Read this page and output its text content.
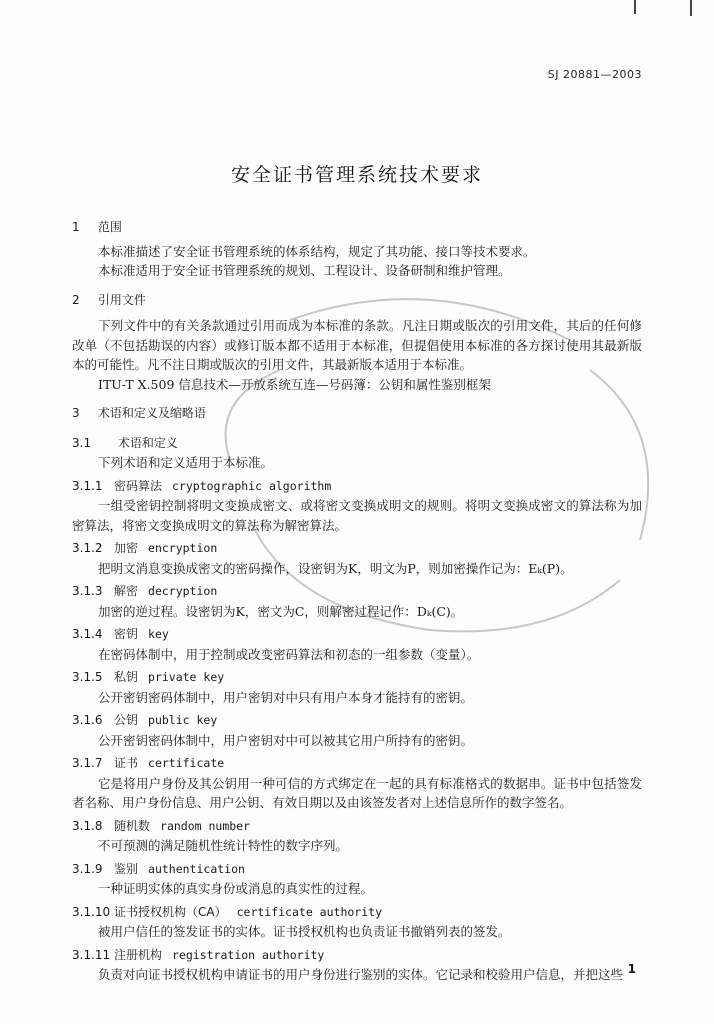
SJ 20881—2003
安全证书管理系统技术要求
1 范围
本标准描述了安全证书管理系统的体系结构，规定了其功能、接口等技术要求。
本标准适用于安全证书管理系统的规划、工程设计、设备研制和维护管理。
2 引用文件
下列文件中的有关条款通过引用而成为本标准的条款。凡注日期或版次的引用文件，其后的任何修改单（不包括勘误的内容）或修订版本都不适用于本标准，但提倡使用本标准的各方探讨使用其最新版本的可能性。凡不注日期或版次的引用文件，其最新版本适用于本标准。
ITU-T X.509 信息技术—开放系统互连—号码簿：公钥和属性鉴别框架
3 术语和定义及缩略语
3.1 术语和定义
下列术语和定义适用于本标准。
3.1.1 密码算法 cryptographic algorithm
一组受密钥控制将明文变换成密文、或将密文变换成明文的规则。将明文变换成密文的算法称为加密算法，将密文变换成明文的算法称为解密算法。
3.1.2 加密 encryption
把明文消息变换成密文的密码操作，设密钥为K，明文为P，则加密操作记为：Eₖ(P)。
3.1.3 解密 decryption
加密的逆过程。设密钥为K，密文为C，则解密过程记作：Dₖ(C)。
3.1.4 密钥 key
在密码体制中，用于控制或改变密码算法和初态的一组参数（变量）。
3.1.5 私钥 private key
公开密钥密码体制中，用户密钥对中只有用户本身才能持有的密钥。
3.1.6 公钥 public key
公开密钥密码体制中，用户密钥对中可以被其它用户所持有的密钥。
3.1.7 证书 certificate
它是将用户身份及其公钥用一种可信的方式绑定在一起的具有标准格式的数据串。证书中包括签发者名称、用户身份信息、用户公钥、有效日期以及由该签发者对上述信息所作的数字签名。
3.1.8 随机数 random number
不可预测的满足随机性统计特性的数字序列。
3.1.9 鉴别 authentication
一种证明实体的真实身份或消息的真实性的过程。
3.1.10 证书授权机构（CA） certificate authority
被用户信任的签发证书的实体。证书授权机构也负责证书撤销列表的签发。
3.1.11 注册机构 registration authority
负责对向证书授权机构申请证书的用户身份进行鉴别的实体。它记录和校验用户信息，并把这些 1
